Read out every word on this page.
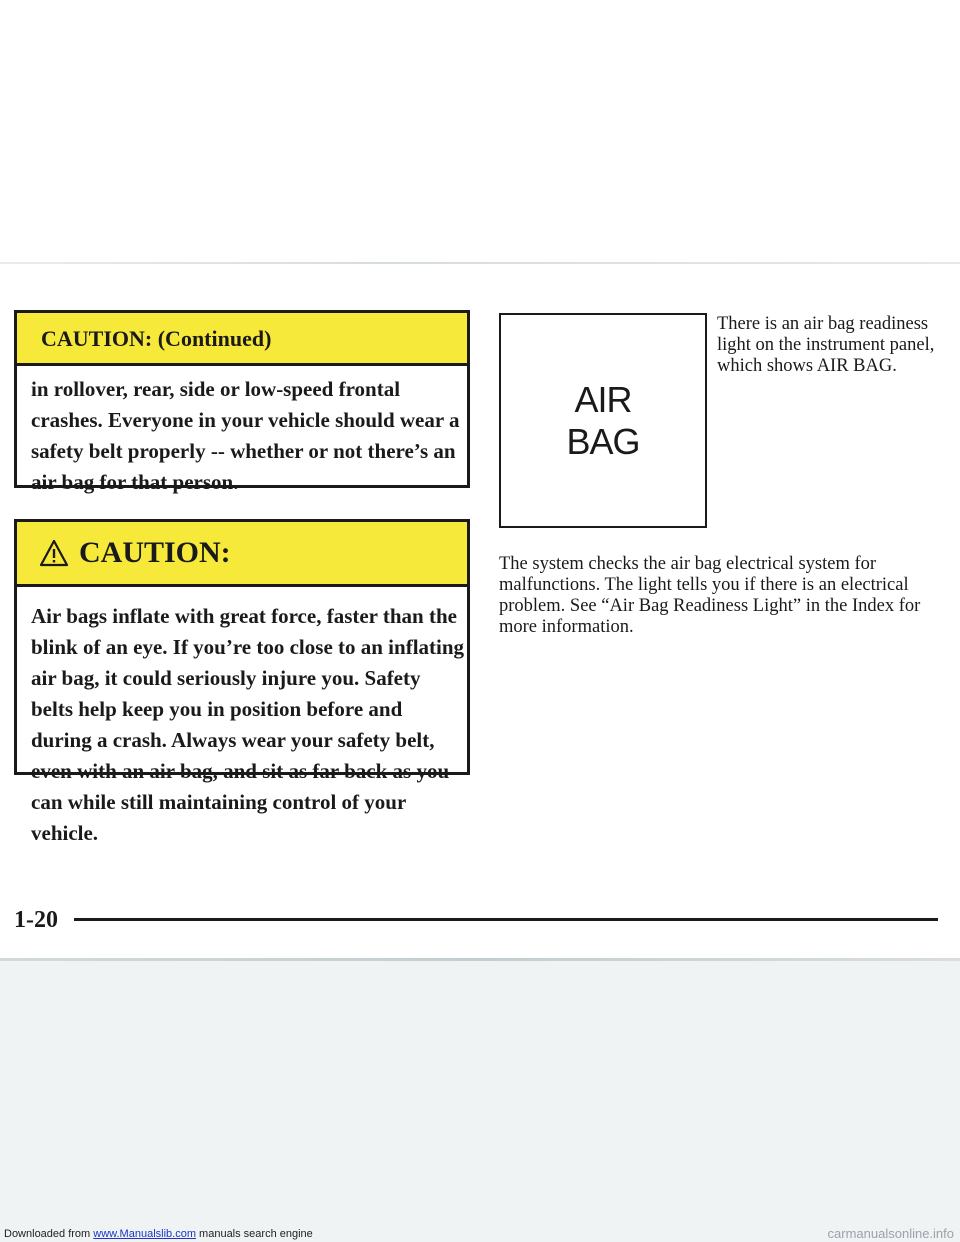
CAUTION: (Continued)
in rollover, rear, side or low-speed frontal crashes. Everyone in your vehicle should wear a safety belt properly -- whether or not there’s an air bag for that person.
CAUTION:
Air bags inflate with great force, faster than the blink of an eye. If you’re too close to an inflating air bag, it could seriously injure you. Safety belts help keep you in position before and during a crash. Always wear your safety belt, even with an air bag, and sit as far back as you can while still maintaining control of your vehicle.
AIR
BAG
There is an air bag readiness light on the instrument panel, which shows AIR BAG.
The system checks the air bag electrical system for malfunctions. The light tells you if there is an electrical problem. See “Air Bag Readiness Light” in the Index for more information.
1-20
Downloaded from www.Manualslib.com manuals search engine	carmanualsonline.info
